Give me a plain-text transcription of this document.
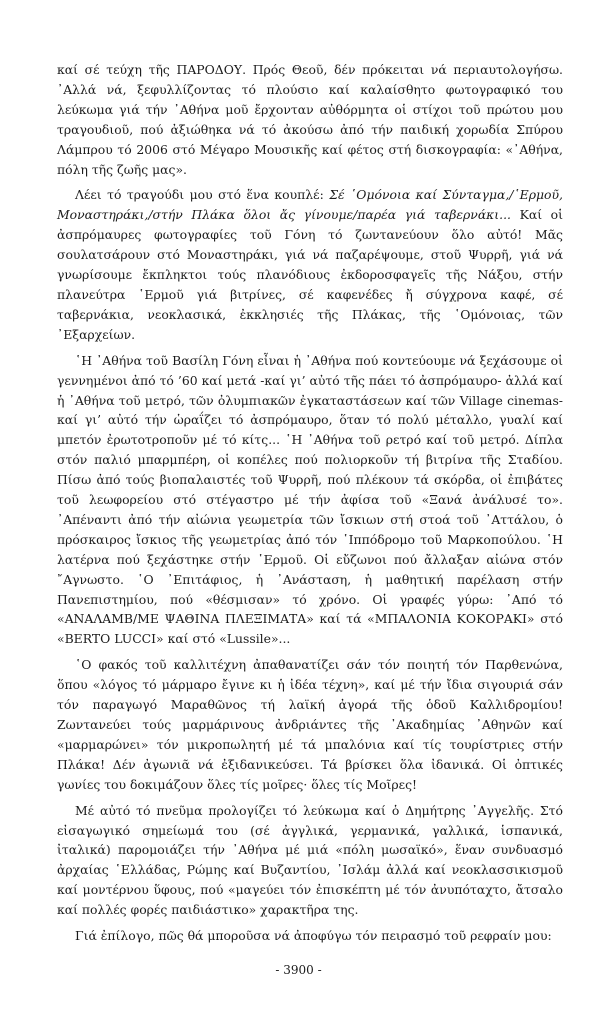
καί σέ τεύχη τῆς ΠΑΡΟΔΟΥ. Πρός Θεοῦ, δέν πρόκειται νά περιαυτολογήσω. ᾿Αλλά νά, ξεφυλλίζοντας τό πλούσιο καί καλαίσθητο φωτογραφικό του λεύκωμα γιά τήν ᾿Αθήνα μοῦ ἔρχονταν αὐθόρμητα οἱ στίχοι τοῦ πρώτου μου τραγουδιοῦ, πού ἀξιώθηκα νά τό ἀκούσω ἀπό τήν παιδική χορωδία Σπύρου Λάμπρου τό 2006 στό Μέγαρο Μουσικῆς καί φέτος στή δισκογραφία: «᾿Αθήνα, πόλη τῆς ζωῆς μας».

Λέει τό τραγούδι μου στό ἕνα κουπλέ: Σέ ῾Ομόνοια καί Σύνταγμα,/῾Ερμοῦ, Μοναστηράκι,/στήν Πλάκα ὅλοι ἄς γίνουμε/παρέα γιά ταβερνάκι... Καί οἱ ἀσπρόμαυρες φωτογραφίες τοῦ Γόνη τό ζωντανεύουν ὅλο αὐτό! Μᾶς σουλατσάρουν στό Μοναστηράκι, γιά νά παζαρέψουμε, στοῦ Ψυρρῆ, γιά νά γνωρίσουμε ἔκπληκτοι τούς πλανόδιους ἐκδοροσφαγεῖς τῆς Νάξου, στήν πλανεύτρα ῾Ερμοῦ γιά βιτρίνες, σέ καφενέδες ἤ σύγχρονα καφέ, σέ ταβερνάκια, νεοκλασικά, ἐκκλησιές τῆς Πλάκας, τῆς ῾Ομόνοιας, τῶν ᾿Εξαρχείων.

῾Η ᾿Αθήνα τοῦ Βασίλη Γόνη εἶναι ἡ ᾿Αθήνα πού κοντεύουμε νά ξεχάσουμε οἱ γεννημένοι ἀπό τό ’60 καί μετά -καί γι’ αὐτό τῆς πάει τό ἀσπρόμαυρο- ἀλλά καί ἡ ᾿Αθήνα τοῦ μετρό, τῶν ὀλυμπιακῶν ἐγκαταστάσεων καί τῶν Village cinemas- καί γι’ αὐτό τήν ὡραΐζει τό ἀσπρόμαυρο, ὅταν τό πολύ μέταλλο, γυαλί καί μπετόν ἐρωτοτροποῦν μέ τό κίτς... ῾Η ᾿Αθήνα τοῦ ρετρό καί τοῦ μετρό. Δίπλα στόν παλιό μπαρμπέρη, οἱ κοπέλες πού πολιορκοῦν τή βιτρίνα τῆς Σταδίου. Πίσω ἀπό τούς βιοπαλαιστές τοῦ Ψυρρῆ, πού πλέκουν τά σκόρδα, οἱ ἐπιβάτες τοῦ λεωφορείου στό στέγαστρο μέ τήν ἀφίσα τοῦ «Ξανά ἀνάλυσέ το». ᾿Απέναντι ἀπό τήν αἰώνια γεωμετρία τῶν ἴσκιων στή στοά τοῦ ᾿Αττάλου, ὁ πρόσκαιρος ἴσκιος τῆς γεωμετρίας ἀπό τόν ῾Ιππόδρομο τοῦ Μαρκοπούλου. ῾Η λατέρνα πού ξεχάστηκε στήν ῾Ερμοῦ. Οἱ εὔζωνοι πού ἄλλαξαν αἰώνα στόν ῎Αγνωστο. ῾Ο ᾿Επιτάφιος, ἡ ᾿Ανάσταση, ἡ μαθητική παρέλαση στήν Πανεπιστημίου, πού «θέσμισαν» τό χρόνο. Οἱ γραφές γύρω: ᾿Από τό «ΑΝΑΛΑΜΒ/ΜΕ ΨΑΘΙΝΑ ΠΛΕΞΙΜΑΤΑ» καί τά «ΜΠΑΛΟΝΙΑ ΚΟΚΟΡΑΚΙ» στό «BERTO LUCCI» καί στό «Lussile»...

῾Ο φακός τοῦ καλλιτέχνη ἀπαθανατίζει σάν τόν ποιητή τόν Παρθενώνα, ὅπου «λόγος τό μάρμαρο ἔγινε κι ἡ ἰδέα τέχνη», καί μέ τήν ἴδια σιγουριά σάν τόν παραγωγό Μαραθῶνος τή λαϊκή ἀγορά τῆς ὁδοῦ Καλλιδρομίου! Ζωντανεύει τούς μαρμάρινους ἀνδριάντες τῆς ᾿Ακαδημίας ᾿Αθηνῶν καί «μαρμαρώνει» τόν μικροπωλητή μέ τά μπαλόνια καί τίς τουρίστριες στήν Πλάκα! Δέν ἀγωνιᾶ νά ἐξιδανικεύσει. Τά βρίσκει ὅλα ἰδανικά. Οἱ ὀπτικές γωνίες του δοκιμάζουν ὅλες τίς μοῖρες· ὅλες τίς Μοῖρες!

Μέ αὐτό τό πνεῦμα προλογίζει τό λεύκωμα καί ὁ Δημήτρης ᾿Αγγελῆς. Στό εἰσαγωγικό σημείωμά του (σέ ἀγγλικά, γερμανικά, γαλλικά, ἱσπανικά, ἰταλικά) παρομοιάζει τήν ᾿Αθήνα μέ μιά «πόλη μωσαϊκό», ἕναν συνδυασμό ἀρχαίας ῾Ελλάδας, Ρώμης καί Βυζαντίου, ᾿Ισλάμ ἀλλά καί νεοκλασσικισμοῦ καί μοντέρνου ὕφους, πού «μαγεύει τόν ἐπισκέπτη μέ τόν ἀνυπόταχτο, ἄτσαλο καί πολλές φορές παιδιάστικο» χαρακτῆρα της.

Γιά ἐπίλογο, πῶς θά μποροῦσα νά ἀποφύγω τόν πειρασμό τοῦ ρεφραίν μου:

- 3900 -
